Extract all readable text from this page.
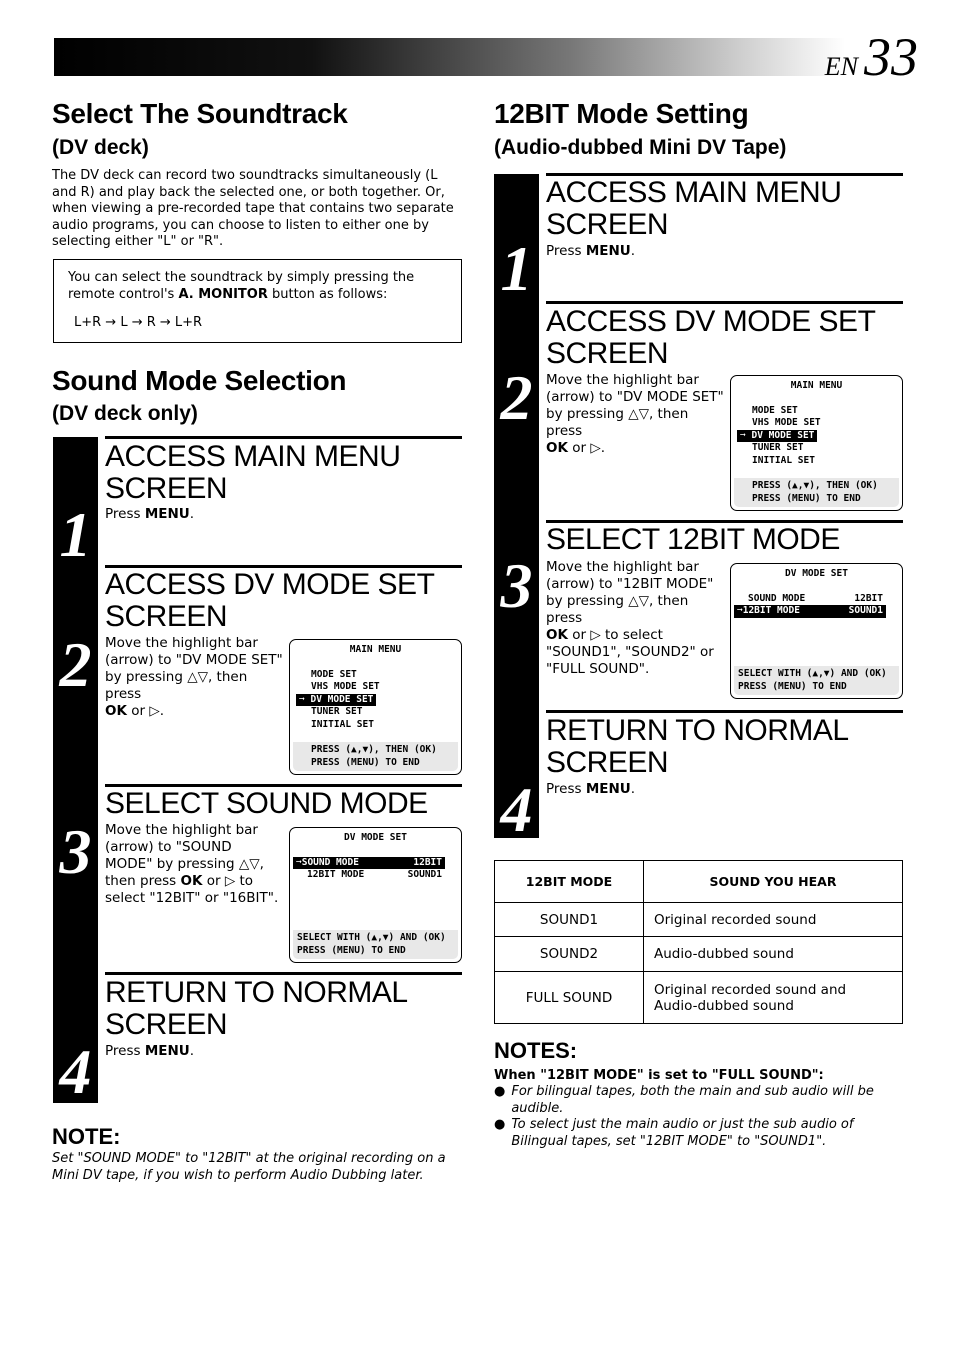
EN 33
Select The Soundtrack
(DV deck)
The DV deck can record two soundtracks simultaneously (L and R) and play back the selected one, or both together. Or, when viewing a pre-recorded tape that contains two separate audio programs, you can choose to listen to either one by selecting either "L" or "R".
You can select the soundtrack by simply pressing the
remote control's A. MONITOR button as follows:
L+R → L → R → L+R
Sound Mode Selection
(DV deck only)
1
2
3
4
ACCESS MAIN MENU
SCREEN
Press MENU.
ACCESS DV MODE SET
SCREEN
Move the highlight bar
(arrow) to "DV MODE SET"
by pressing △▽, then press
OK or ▷.
MAIN MENU
MODE SET
VHS MODE SET
➞ DV MODE SET
TUNER SET
INITIAL SET
PRESS (▲,▼), THEN (OK)
PRESS (MENU) TO END
SELECT SOUND MODE
Move the highlight bar
(arrow) to "SOUND
MODE" by pressing △▽,
then press OK or ▷ to
select "12BIT" or "16BIT".
DV MODE SET
➞SOUND MODE	12BIT
12BIT MODE	SOUND1
SELECT WITH (▲,▼) AND (OK)
PRESS (MENU) TO END
RETURN TO NORMAL
SCREEN
Press MENU.
NOTE:
Set "SOUND MODE" to "12BIT" at the original recording on a Mini DV tape, if you wish to perform Audio Dubbing later.
12BIT Mode Setting
(Audio-dubbed Mini DV Tape)
1
2
3
4
ACCESS MAIN MENU
SCREEN
Press MENU.
ACCESS DV MODE SET
SCREEN
Move the highlight bar
(arrow) to "DV MODE SET"
by pressing △▽, then press
OK or ▷.
MAIN MENU
MODE SET
VHS MODE SET
➞ DV MODE SET
TUNER SET
INITIAL SET
PRESS (▲,▼), THEN (OK)
PRESS (MENU) TO END
SELECT 12BIT MODE
Move the highlight bar
(arrow) to "12BIT MODE"
by pressing △▽, then press
OK or ▷ to select
"SOUND1", "SOUND2" or
"FULL SOUND".
DV MODE SET
SOUND MODE	12BIT
➞12BIT MODE	SOUND1
SELECT WITH (▲,▼) AND (OK)
PRESS (MENU) TO END
RETURN TO NORMAL
SCREEN
Press MENU.
12BIT MODE	SOUND YOU HEAR
SOUND1	Original recorded sound
SOUND2	Audio-dubbed sound
FULL SOUND	Original recorded sound and Audio-dubbed sound
NOTES:
When "12BIT MODE" is set to "FULL SOUND":
● For bilingual tapes, both the main and sub audio will be audible.
● To select just the main audio or just the sub audio of Bilingual tapes, set "12BIT MODE" to "SOUND1".
